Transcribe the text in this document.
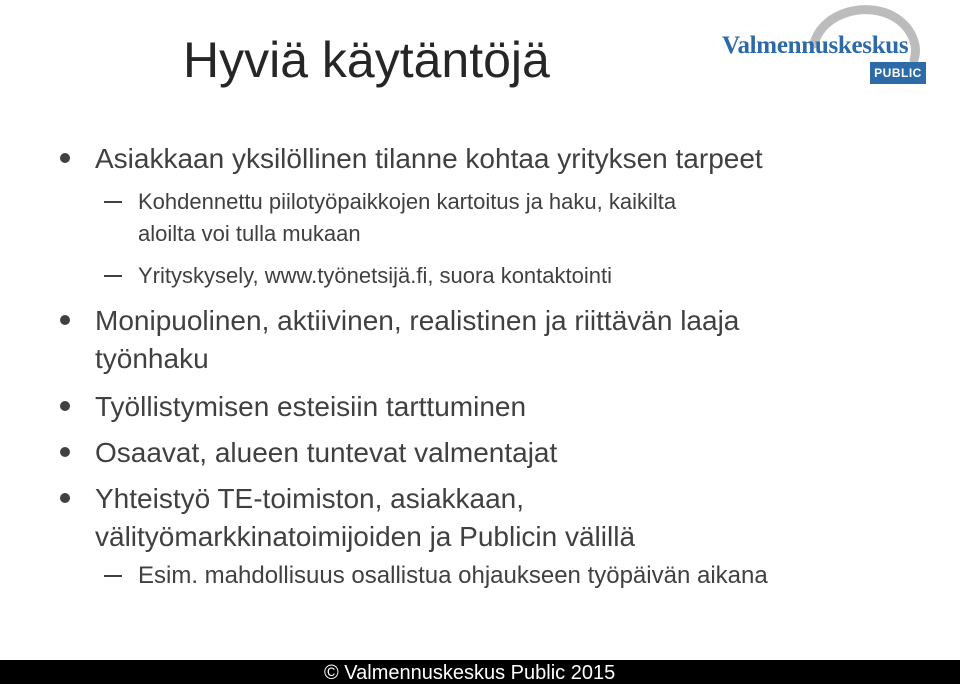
Hyviä käytäntöjä	Valmennuskeskus
PUBLIC
Asiakkaan yksilöllinen tilanne kohtaa yrityksen tarpeet
Kohdennettu piilotyöpaikkojen kartoitus ja haku, kaikilta
aloilta voi tulla mukaan
Yrityskysely, www.työnetsijä.fi, suora kontaktointi
Monipuolinen, aktiivinen, realistinen ja riittävän laaja
työnhaku
Työllistymisen esteisiin tarttuminen
Osaavat, alueen tuntevat valmentajat
Yhteistyö TE-toimiston, asiakkaan,
välityömarkkinatoimijoiden ja Publicin välillä
Esim. mahdollisuus osallistua ohjaukseen työpäivän aikana
© Valmennuskeskus Public 2015
